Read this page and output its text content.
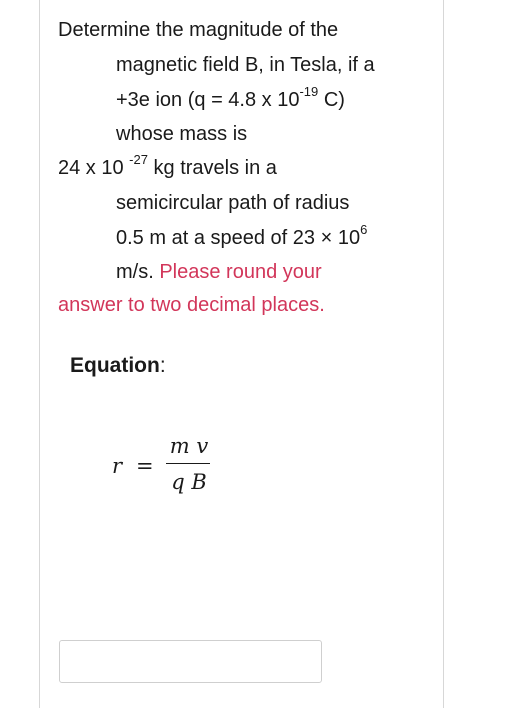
Determine the magnitude of the
magnetic field B, in Tesla, if a
+3e ion (q = 4.8 x $10^{-19}$ C)
whose mass is
24 x 10 $^{-27}$ kg travels in a
semicircular path of radius
0.5 m at a speed of $23 \times 10^6$
m/s. Please round your
answer to two decimal places.
Equation:
r =
m v
q B
